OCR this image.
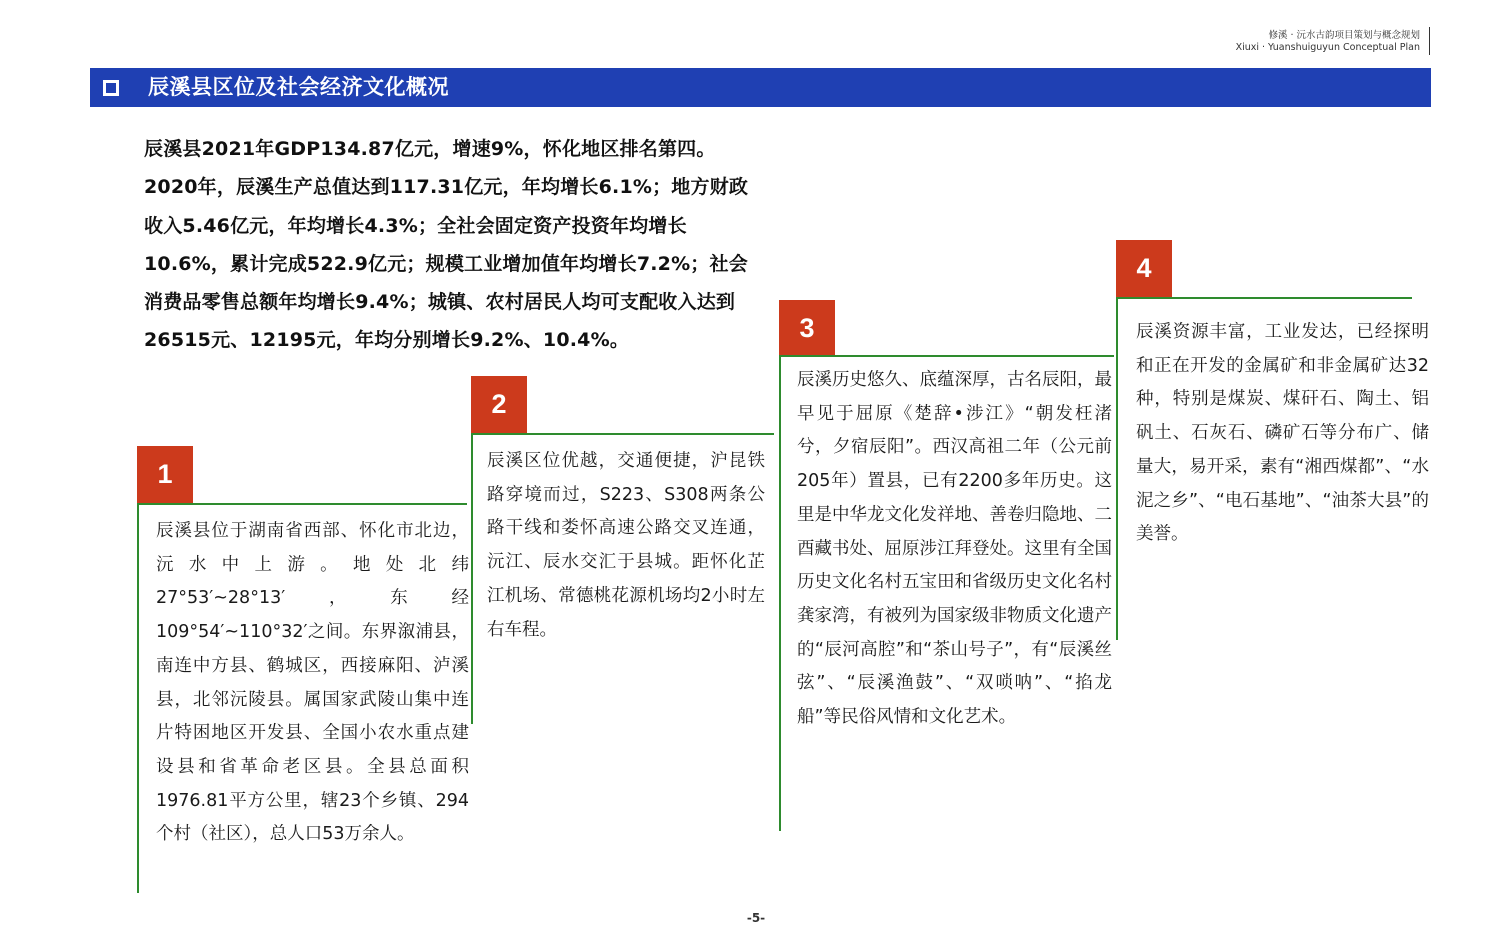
修溪 · 沅水古韵项目策划与概念规划
Xiuxi · Yuanshuiguyun Conceptual Plan
辰溪县区位及社会经济文化概况
辰溪县2021年GDP134.87亿元，增速9%，怀化地区排名第四。2020年，辰溪生产总值达到117.31亿元，年均增长6.1%；地方财政收入5.46亿元，年均增长4.3%；全社会固定资产投资年均增长10.6%，累计完成522.9亿元；规模工业增加值年均增长7.2%；社会消费品零售总额年均增长9.4%；城镇、农村居民人均可支配收入达到26515元、12195元，年均分别增长9.2%、10.4%。
1
辰溪县位于湖南省西部、怀化市北边，沅水中上游。地处北纬27°53′~28°13′，东经109°54′~110°32′之间。东界溆浦县，南连中方县、鹤城区，西接麻阳、泸溪县，北邻沅陵县。属国家武陵山集中连片特困地区开发县、全国小农水重点建设县和省革命老区县。全县总面积1976.81平方公里，辖23个乡镇、294个村（社区），总人口53万余人。
2
辰溪区位优越，交通便捷，沪昆铁路穿境而过，S223、S308两条公路干线和娄怀高速公路交叉连通，沅江、辰水交汇于县城。距怀化芷江机场、常德桃花源机场均2小时左右车程。
3
辰溪历史悠久、底蕴深厚，古名辰阳，最早见于屈原《楚辞•涉江》“朝发枉渚兮，夕宿辰阳”。西汉高祖二年（公元前205年）置县，已有2200多年历史。这里是中华龙文化发祥地、善卷归隐地、二酉藏书处、屈原涉江拜登处。这里有全国历史文化名村五宝田和省级历史文化名村龚家湾，有被列为国家级非物质文化遗产的“辰河高腔”和“茶山号子”，有“辰溪丝弦”、“辰溪渔鼓”、“双唢呐”、“掐龙船”等民俗风情和文化艺术。
4
辰溪资源丰富，工业发达，已经探明和正在开发的金属矿和非金属矿达32种，特别是煤炭、煤矸石、陶土、铝矾土、石灰石、磷矿石等分布广、储量大，易开采，素有“湘西煤都”、“水泥之乡”、“电石基地”、“油茶大县”的美誉。
-5-
